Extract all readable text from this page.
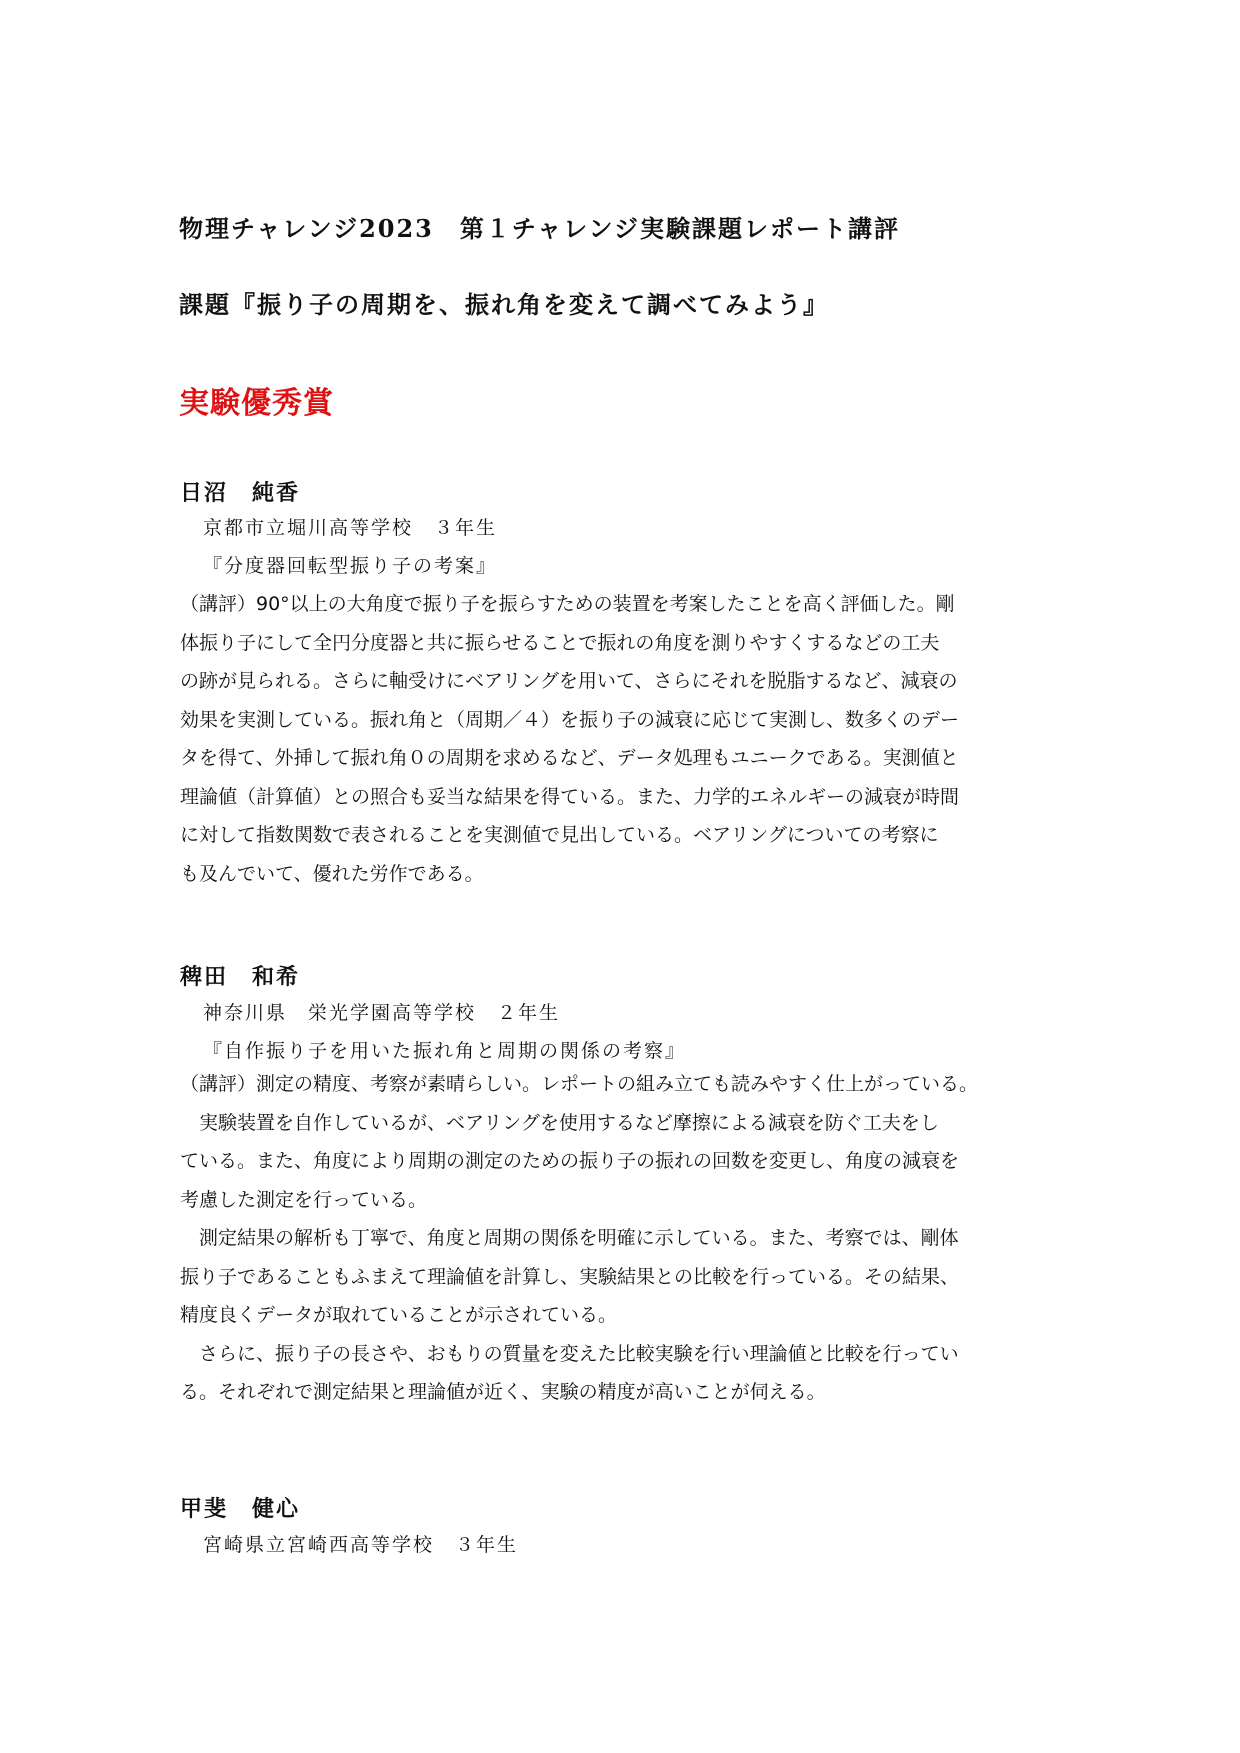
物理チャレンジ2023　第１チャレンジ実験課題レポート講評
課題『振り子の周期を、振れ角を変えて調べてみよう』
実験優秀賞
日沼　純香
京都市立堀川高等学校　３年生
『分度器回転型振り子の考案』
（講評）90°以上の大角度で振り子を振らすための装置を考案したことを高く評価した。剛
体振り子にして全円分度器と共に振らせることで振れの角度を測りやすくするなどの工夫
の跡が見られる。さらに軸受けにベアリングを用いて、さらにそれを脱脂するなど、減衰の
効果を実測している。振れ角と（周期／４）を振り子の減衰に応じて実測し、数多くのデー
タを得て、外挿して振れ角０の周期を求めるなど、データ処理もユニークである。実測値と
理論値（計算値）との照合も妥当な結果を得ている。また、力学的エネルギーの減衰が時間
に対して指数関数で表されることを実測値で見出している。ベアリングについての考察に
も及んでいて、優れた労作である。
稗田　和希
神奈川県　栄光学園高等学校　２年生
『自作振り子を用いた振れ角と周期の関係の考察』
（講評）測定の精度、考察が素晴らしい。レポートの組み立ても読みやすく仕上がっている。
　実験装置を自作しているが、ベアリングを使用するなど摩擦による減衰を防ぐ工夫をし
ている。また、角度により周期の測定のための振り子の振れの回数を変更し、角度の減衰を
考慮した測定を行っている。
　測定結果の解析も丁寧で、角度と周期の関係を明確に示している。また、考察では、剛体
振り子であることもふまえて理論値を計算し、実験結果との比較を行っている。その結果、
精度良くデータが取れていることが示されている。
　さらに、振り子の長さや、おもりの質量を変えた比較実験を行い理論値と比較を行ってい
る。それぞれで測定結果と理論値が近く、実験の精度が高いことが伺える。
甲斐　健心
宮崎県立宮崎西高等学校　３年生
